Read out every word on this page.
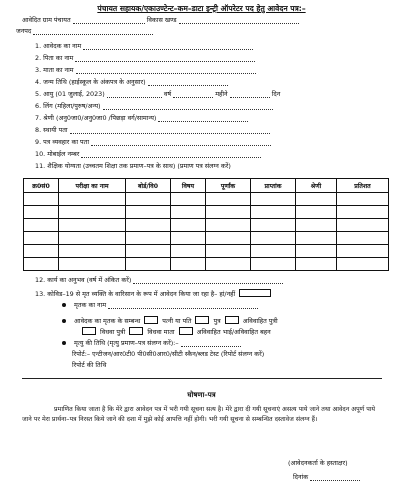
पंचायत सहायक/एकाउण्टेन्ट–कम–डाटा इन्ट्री ऑपरेटर पद हेतु आवेदन पत्र:–
आवेदित ग्राम पंचायत	विकास खण्ड
जनपद
1. आवेदक का नाम
2. पिता का नाम
3. माता का नाम
4. जन्म तिथि (हाईस्कूल के अंकपत्र के अनुसार)
5. आयु (01 जुलाई, 2023)	वर्ष	महीने	दिन
6. लिंग (महिला/पुरुष/अन्य)
7. श्रेणी (अनु0जा0/अनु0जा0 /पिछड़ा वर्ग/सामान्य)
8. स्थायी पता
9. पत्र व्यवहार का पता
10. मोबाईल नम्बर
11. शैक्षिक योग्यता (उच्चतम शिक्षा तक प्रमाण–पत्र के साथ) (प्रमाण पत्र संलग्न करें)
क्र0सं0	परीक्षा का नाम	बोर्ड/वि0	विषय	पूर्णांक	प्राप्तांक	श्रेणी	प्रतिशत

12. कार्य का अनुभव (वर्ष में अंकित करें)
13. कोविड–19 से मृत व्यक्ति के वारिसान के रूप में आवेदन किया जा रहा है– हां/नहीं
मृतक का नाम
आवेदक का मृतक के सम्बन्ध	पत्नी या पति	पुत्र	अविवाहित पुत्री
विधवा पुत्री	विधवा माता	अविवाहित भाई/अविवाहित बहन
मृत्यु की तिथि (मृत्यु प्रमाण–पत्र संलग्न करें):–
रिपोर्ट:– एन्टीजन/आर0टी0 पी0सी0आर0/सीटी स्कैन/ब्लड टेस्ट (रिपोर्ट संलग्न करें)
रिपोर्ट की तिथि
घोषणा–पत्र
प्रमाणित किया जाता है कि मेरे द्वारा आवेदन पत्र में भरी गयी सूचना सत्य है। मेरे द्वारा दी गयी सूचनाएं असत्य पाये जाने तथा आवेदन अपूर्ण पाये जाने पर मेरा प्रार्थना–पत्र निरस्त किये जाने की दशा में मुझे कोई आपत्ति नहीं होगी। भरी गयी सूचना से सम्बन्धित दस्तावेज संलग्न हैं।
(आवेदनकर्ता के हस्ताक्षर)
दिनांक
